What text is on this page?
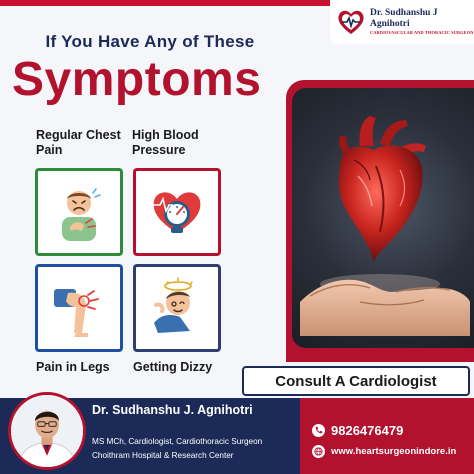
Dr. Sudhanshu J Agnihotri
CARDIOVASCULAR AND THORACIC SURGEON
If You Have Any of These
Symptoms
Regular Chest Pain
High Blood Pressure
Pain in Legs	Getting Dizzy
Consult A Cardiologist
Dr. Sudhanshu J. Agnihotri
MS MCh, Cardiologist, Cardiothoracic Surgeon
Choithram Hospital & Research Center
9826476479
www.heartsurgeonindore.in
